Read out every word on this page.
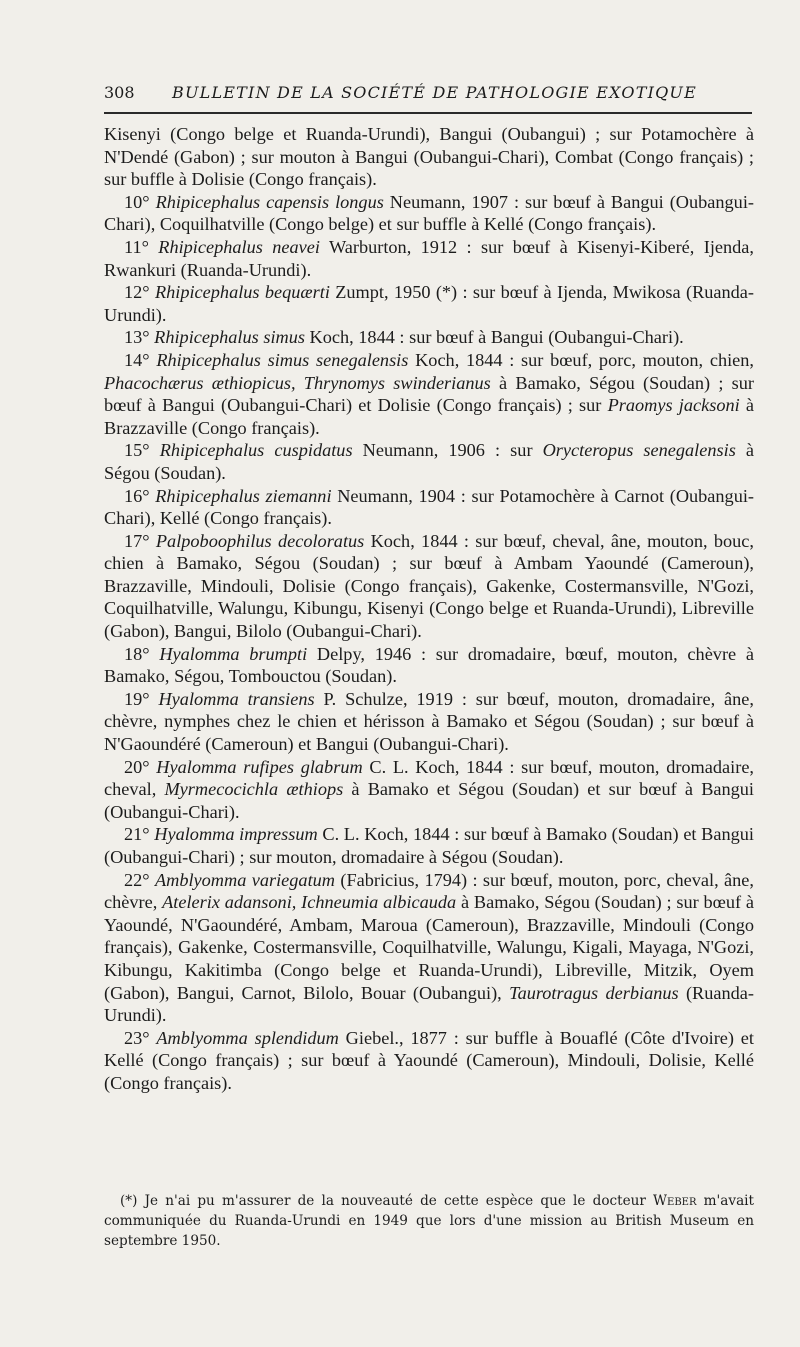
308 BULLETIN DE LA SOCIÉTÉ DE PATHOLOGIE EXOTIQUE

Kisenyi (Congo belge et Ruanda-Urundi), Bangui (Oubangui) ; sur Potamochère à N'Dendé (Gabon) ; sur mouton à Bangui (Oubangui-Chari), Combat (Congo français) ; sur buffle à Dolisie (Congo français).

10° Rhipicephalus capensis longus Neumann, 1907 : sur bœuf à Bangui (Oubangui-Chari), Coquilhatville (Congo belge) et sur buffle à Kellé (Congo français).

11° Rhipicephalus neavei Warburton, 1912 : sur bœuf à Kisenyi-Kiberé, Ijenda, Rwankuri (Ruanda-Urundi).

12° Rhipicephalus bequærti Zumpt, 1950 (*) : sur bœuf à Ijenda, Mwikosa (Ruanda-Urundi).

13° Rhipicephalus simus Koch, 1844 : sur bœuf à Bangui (Oubangui-Chari).

14° Rhipicephalus simus senegalensis Koch, 1844 : sur bœuf, porc, mouton, chien, Phacochærus æthiopicus, Thrynomys swinderianus à Bamako, Ségou (Soudan) ; sur bœuf à Bangui (Oubangui-Chari) et Dolisie (Congo français) ; sur Praomys jacksoni à Brazzaville (Congo français).

15° Rhipicephalus cuspidatus Neumann, 1906 : sur Orycteropus senegalensis à Ségou (Soudan).

16° Rhipicephalus ziemanni Neumann, 1904 : sur Potamochère à Carnot (Oubangui-Chari), Kellé (Congo français).

17° Palpoboophilus decoloratus Koch, 1844 : sur bœuf, cheval, âne, mouton, bouc, chien à Bamako, Ségou (Soudan) ; sur bœuf à Ambam Yaoundé (Cameroun), Brazzaville, Mindouli, Dolisie (Congo français), Gakenke, Costermansville, N'Gozi, Coquilhatville, Walungu, Kibungu, Kisenyi (Congo belge et Ruanda-Urundi), Libreville (Gabon), Bangui, Bilolo (Oubangui-Chari).

18° Hyalomma brumpti Delpy, 1946 : sur dromadaire, bœuf, mouton, chèvre à Bamako, Ségou, Tombouctou (Soudan).

19° Hyalomma transiens P. Schulze, 1919 : sur bœuf, mouton, dromadaire, âne, chèvre, nymphes chez le chien et hérisson à Bamako et Ségou (Soudan) ; sur bœuf à N'Gaoundéré (Cameroun) et Bangui (Oubangui-Chari).

20° Hyalomma rufipes glabrum C. L. Koch, 1844 : sur bœuf, mouton, dromadaire, cheval, Myrmecocichla æthiops à Bamako et Ségou (Soudan) et sur bœuf à Bangui (Oubangui-Chari).

21° Hyalomma impressum C. L. Koch, 1844 : sur bœuf à Bamako (Soudan) et Bangui (Oubangui-Chari) ; sur mouton, dromadaire à Ségou (Soudan).

22° Amblyomma variegatum (Fabricius, 1794) : sur bœuf, mouton, porc, cheval, âne, chèvre, Atelerix adansoni, Ichneumia albicauda à Bamako, Ségou (Soudan) ; sur bœuf à Yaoundé, N'Gaoundéré, Ambam, Maroua (Cameroun), Brazzaville, Mindouli (Congo français), Gakenke, Costermansville, Coquilhatville, Walungu, Kigali, Mayaga, N'Gozi, Kibungu, Kakitimba (Congo belge et Ruanda-Urundi), Libreville, Mitzik, Oyem (Gabon), Bangui, Carnot, Bilolo, Bouar (Oubangui), Taurotragus derbianus (Ruanda-Urundi).

23° Amblyomma splendidum Giebel., 1877 : sur buffle à Bouaflé (Côte d'Ivoire) et Kellé (Congo français) ; sur bœuf à Yaoundé (Cameroun), Mindouli, Dolisie, Kellé (Congo français).

(*) Je n'ai pu m'assurer de la nouveauté de cette espèce que le docteur Weber m'avait communiquée du Ruanda-Urundi en 1949 que lors d'une mission au British Museum en septembre 1950.
